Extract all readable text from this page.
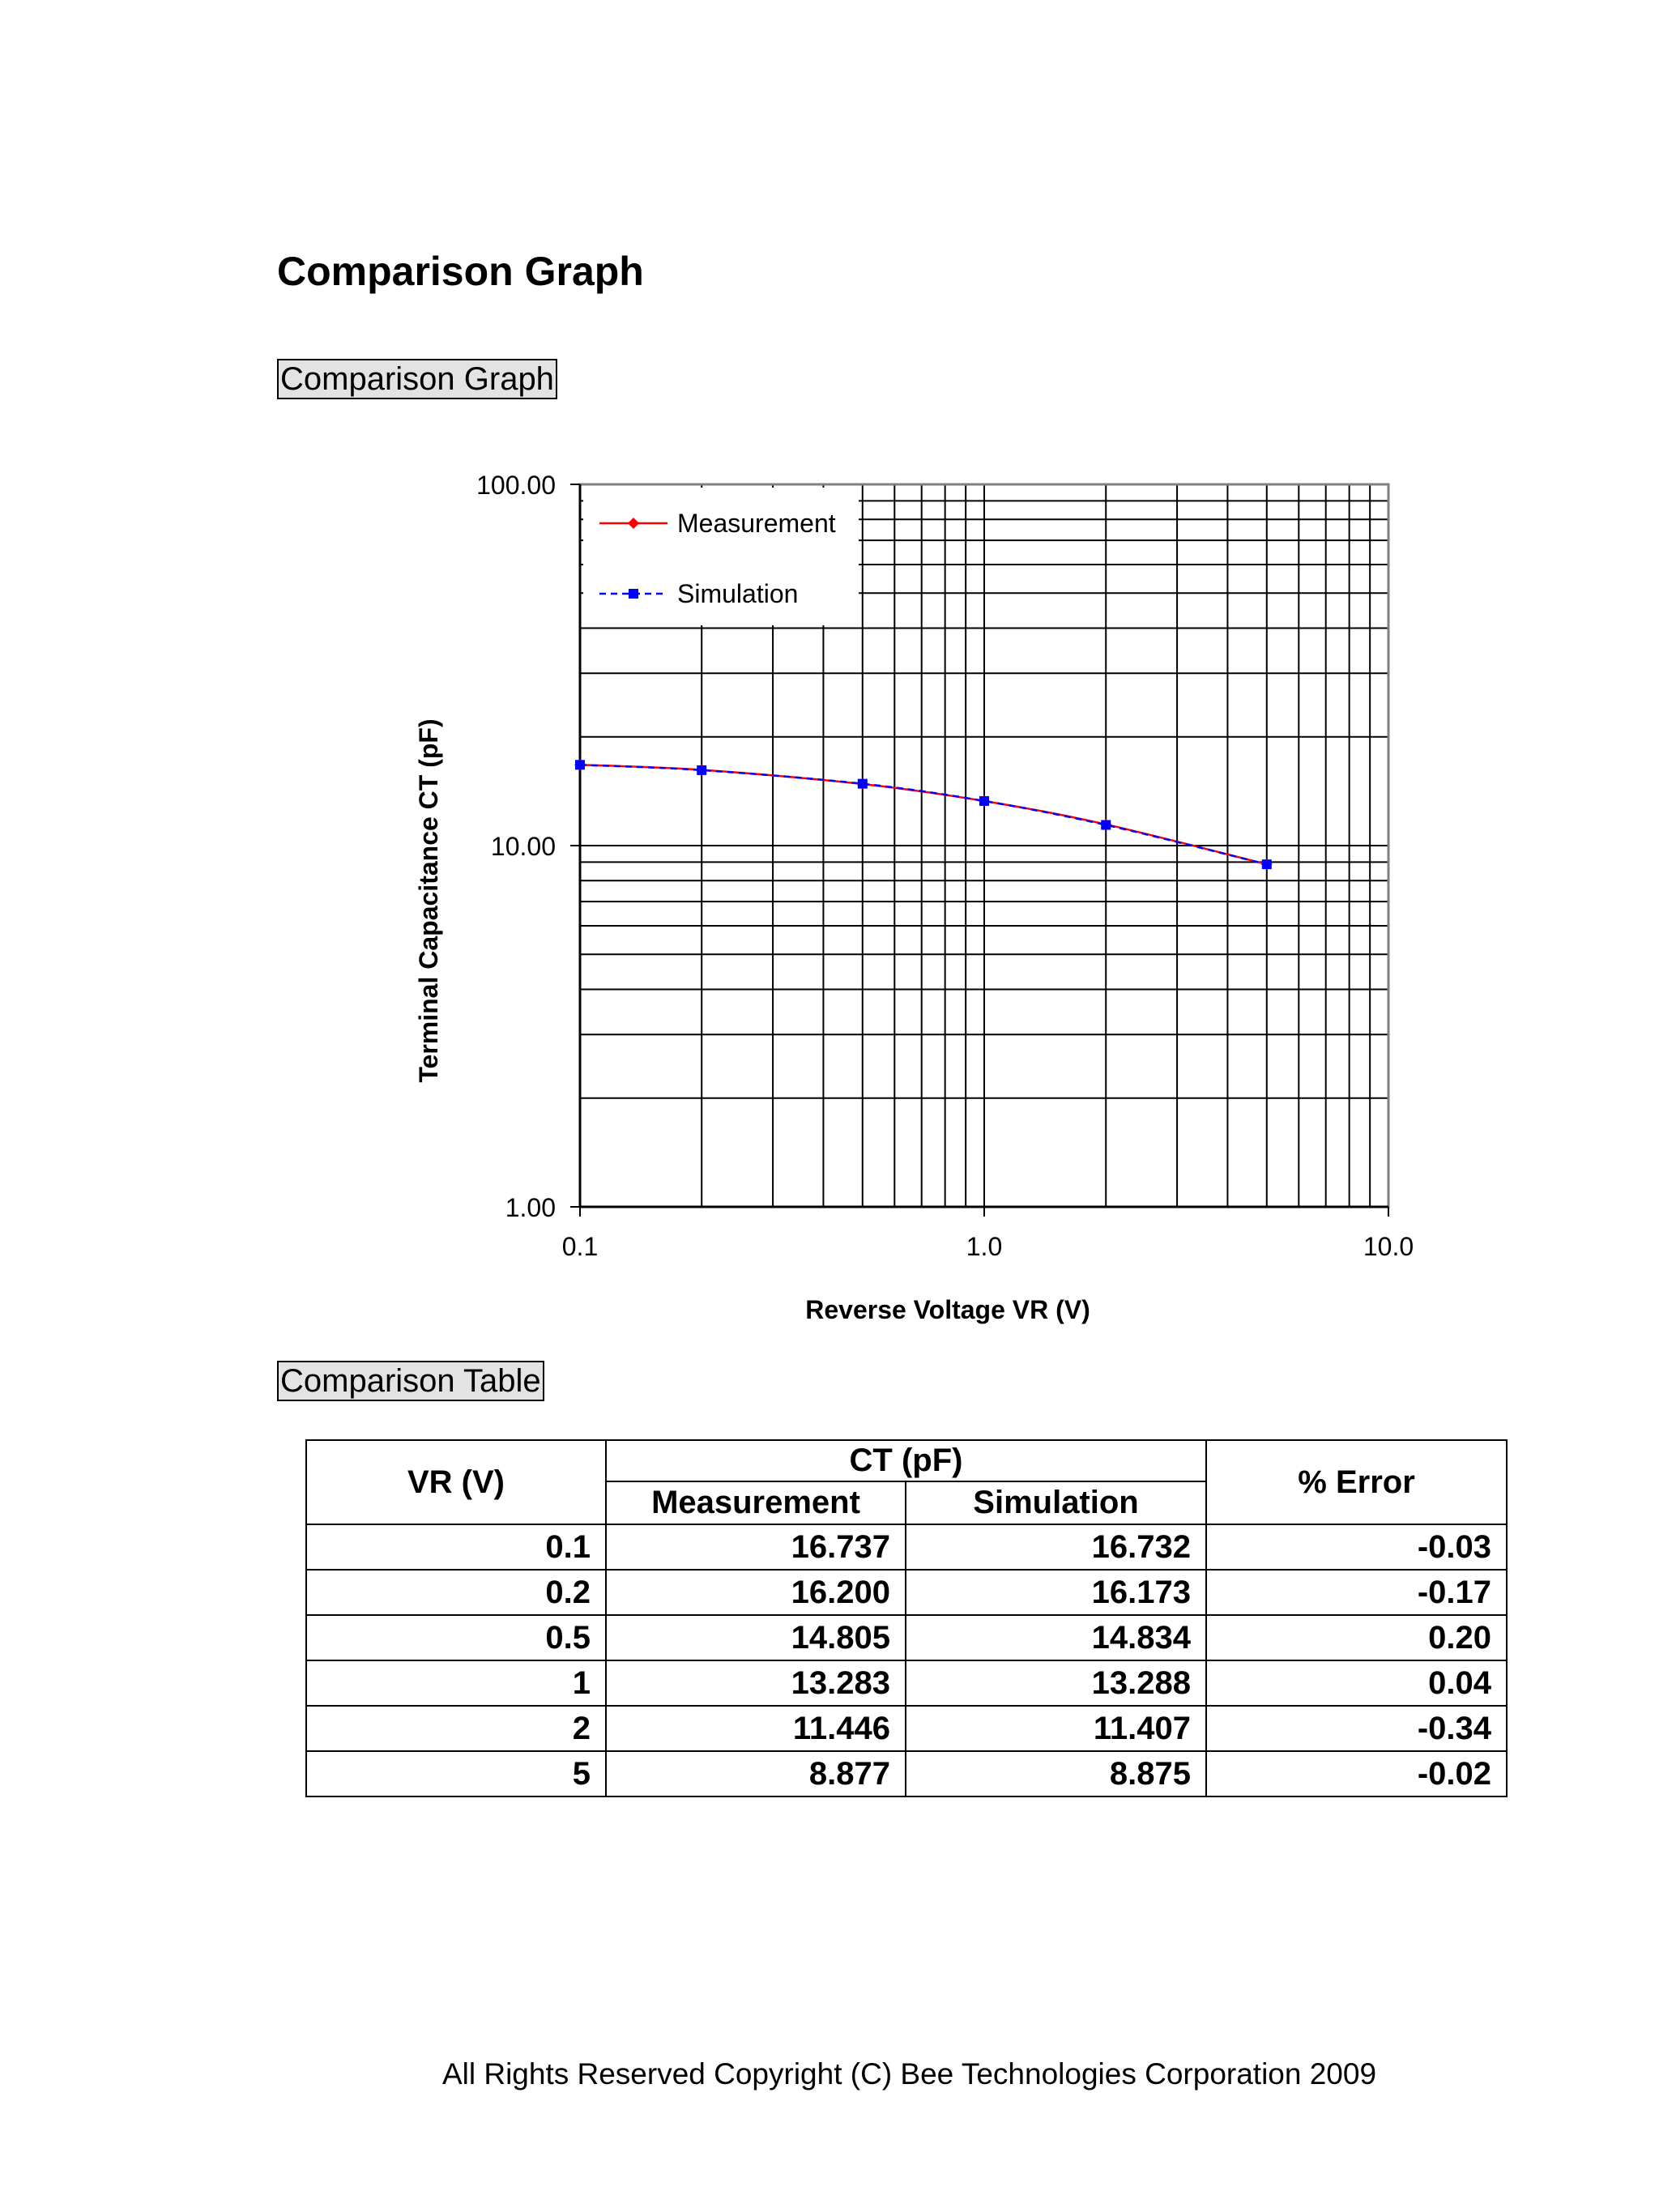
Comparison Graph
Comparison Graph
Measurement
Simulation
0.1	1.0	10.0
1.00
10.00
100.00
Reverse Voltage VR (V)
Terminal Capacitance CT (pF)
Comparison Table
VR (V)	CT (pF)		% Error
	Measurement	Simulation	
0.1	16.737	16.732	-0.03
0.2	16.200	16.173	-0.17
0.5	14.805	14.834	0.20
1	13.283	13.288	0.04
2	11.446	11.407	-0.34
5	8.877	8.875	-0.02
All Rights Reserved Copyright (C) Bee Technologies Corporation 2009
